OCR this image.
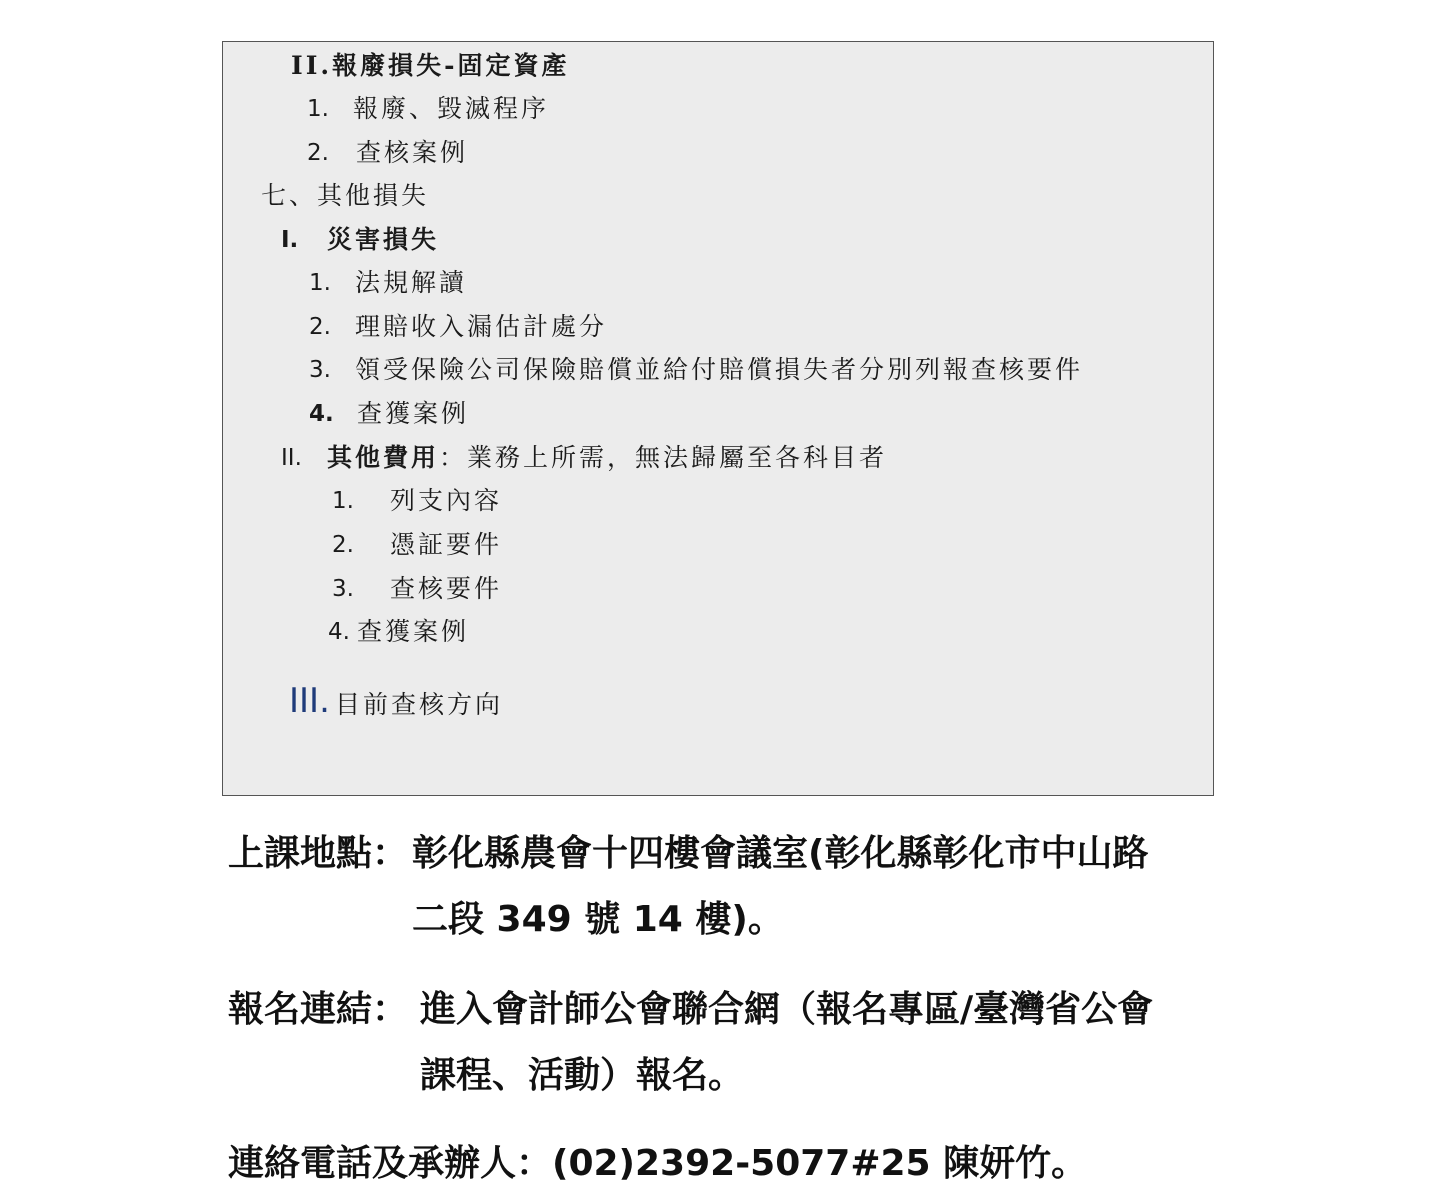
II.報廢損失-固定資產
1. 報廢、毀滅程序
2. 查核案例
七、其他損失
I. 災害損失
1. 法規解讀
2. 理賠收入漏估計處分
3. 領受保險公司保險賠償並給付賠償損失者分別列報查核要件
4. 查獲案例
II. 其他費用：業務上所需，無法歸屬至各科目者
1. 列支內容
2. 憑証要件
3. 查核要件
4. 查獲案例
III. 目前查核方向
上課地點： 彰化縣農會十四樓會議室(彰化縣彰化市中山路
二段 349 號 14 樓)。
報名連結： 進入會計師公會聯合網（報名專區/臺灣省公會
課程、活動）報名。
連絡電話及承辦人：(02)2392-5077#25 陳妍竹。
